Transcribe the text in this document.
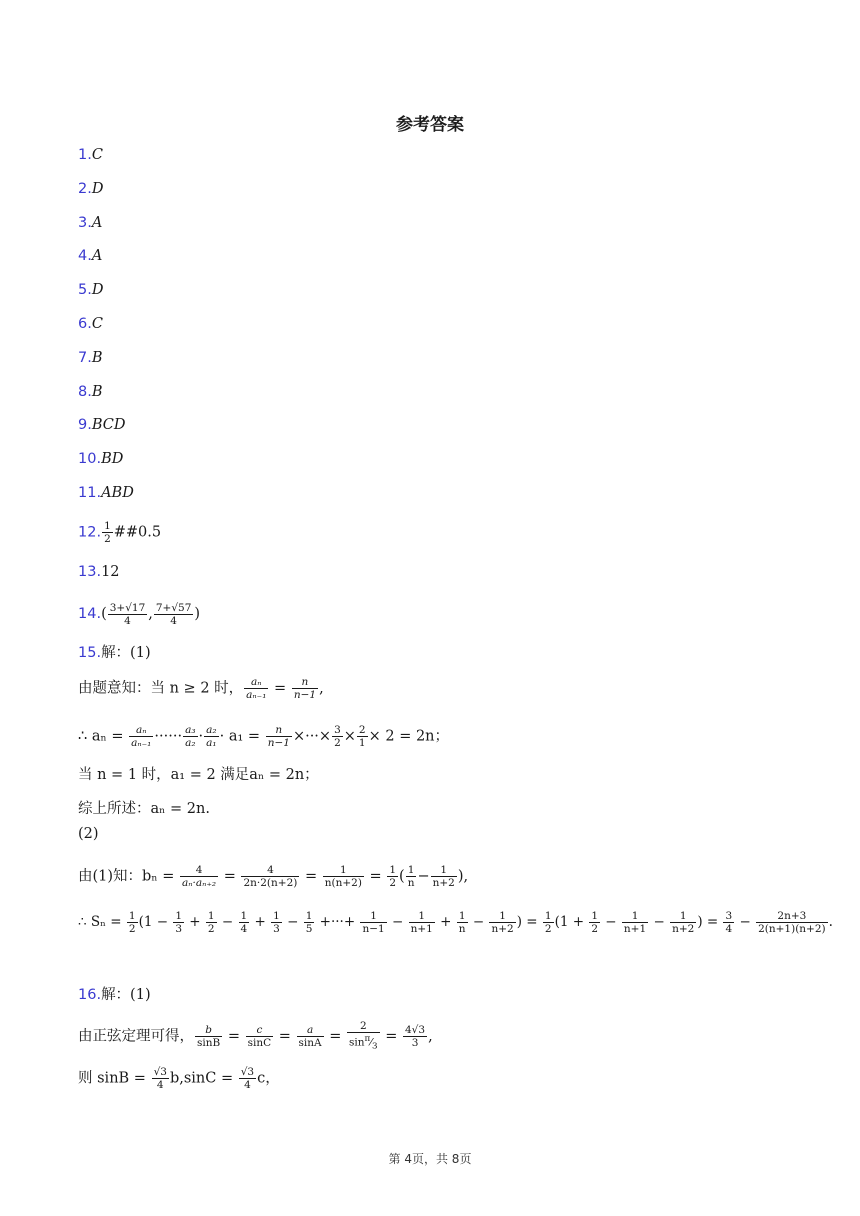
参考答案
1.C
2.D
3.A
4.A
5.D
6.C
7.B
8.B
9.BCD
10.BD
11.ABD
12. $\frac{1}{2}$ ##0.5
13.12
$14.( \frac{3+√17}{4}$ , $\frac{7+√57}{4}$ )
15.解：(1)
由题意知：当 n ≥ 2 时， $\frac{\text{aₙ}}{\text{aₙ₋₁}} = \frac{n}{n-1}$ ,
∴ $a_n = \frac{\text{aₙ}}{\text{aₙ₋₁}}$ ······ $\frac{\text{a₃}}{\text{a₂}} \cdot \frac{\text{a₂}}{\text{a₁}} \cdot a_1 = \frac{n}{n-1}$ ×···× $\frac{3}{2} \times \frac{2}{1} \times 2 = 2n$；
当 n = 1 时，a₁ = 2 满足aₙ = 2n；
综上所述：aₙ = 2n.
(2)
由(1)知：$b_n = \frac{4}{\text{aₙ·aₙ₊₂}} = \frac{4}{2n\cdot 2(n+2)} = \frac{1}{n(n+2)} = \frac{1}{2}$ ( $\frac{1}{n} - \frac{1}{n+2}$ ),
∴ $S_n = \frac{1}{2} (1 - \frac{1}{3} + \frac{1}{2} - \frac{1}{4} + \frac{1}{3} - \frac{1}{5}$ +···+ $\frac{1}{n-1} - \frac{1}{n+1} + \frac{1}{n} - \frac{1}{n+2}$ ) = $\frac{1}{2} (1 + \frac{1}{2} - \frac{1}{n+1} - \frac{1}{n+2}$ ) = $\frac{3}{4} - \frac{2n+3}{2(n+1)(n+2)}$ .
16.解：(1)
由正弦定理可得， $\frac{b}{\sin B} = \frac{c}{\sin C} = \frac{a}{\sin A} = \frac{2}{\sin^\pi⁄_3} = \frac{4√3}{3}$ ,
则 $\sin B = \frac{√3}{4} b,\sin C = \frac{√3}{4}$ c，
第 4页，共 8页
